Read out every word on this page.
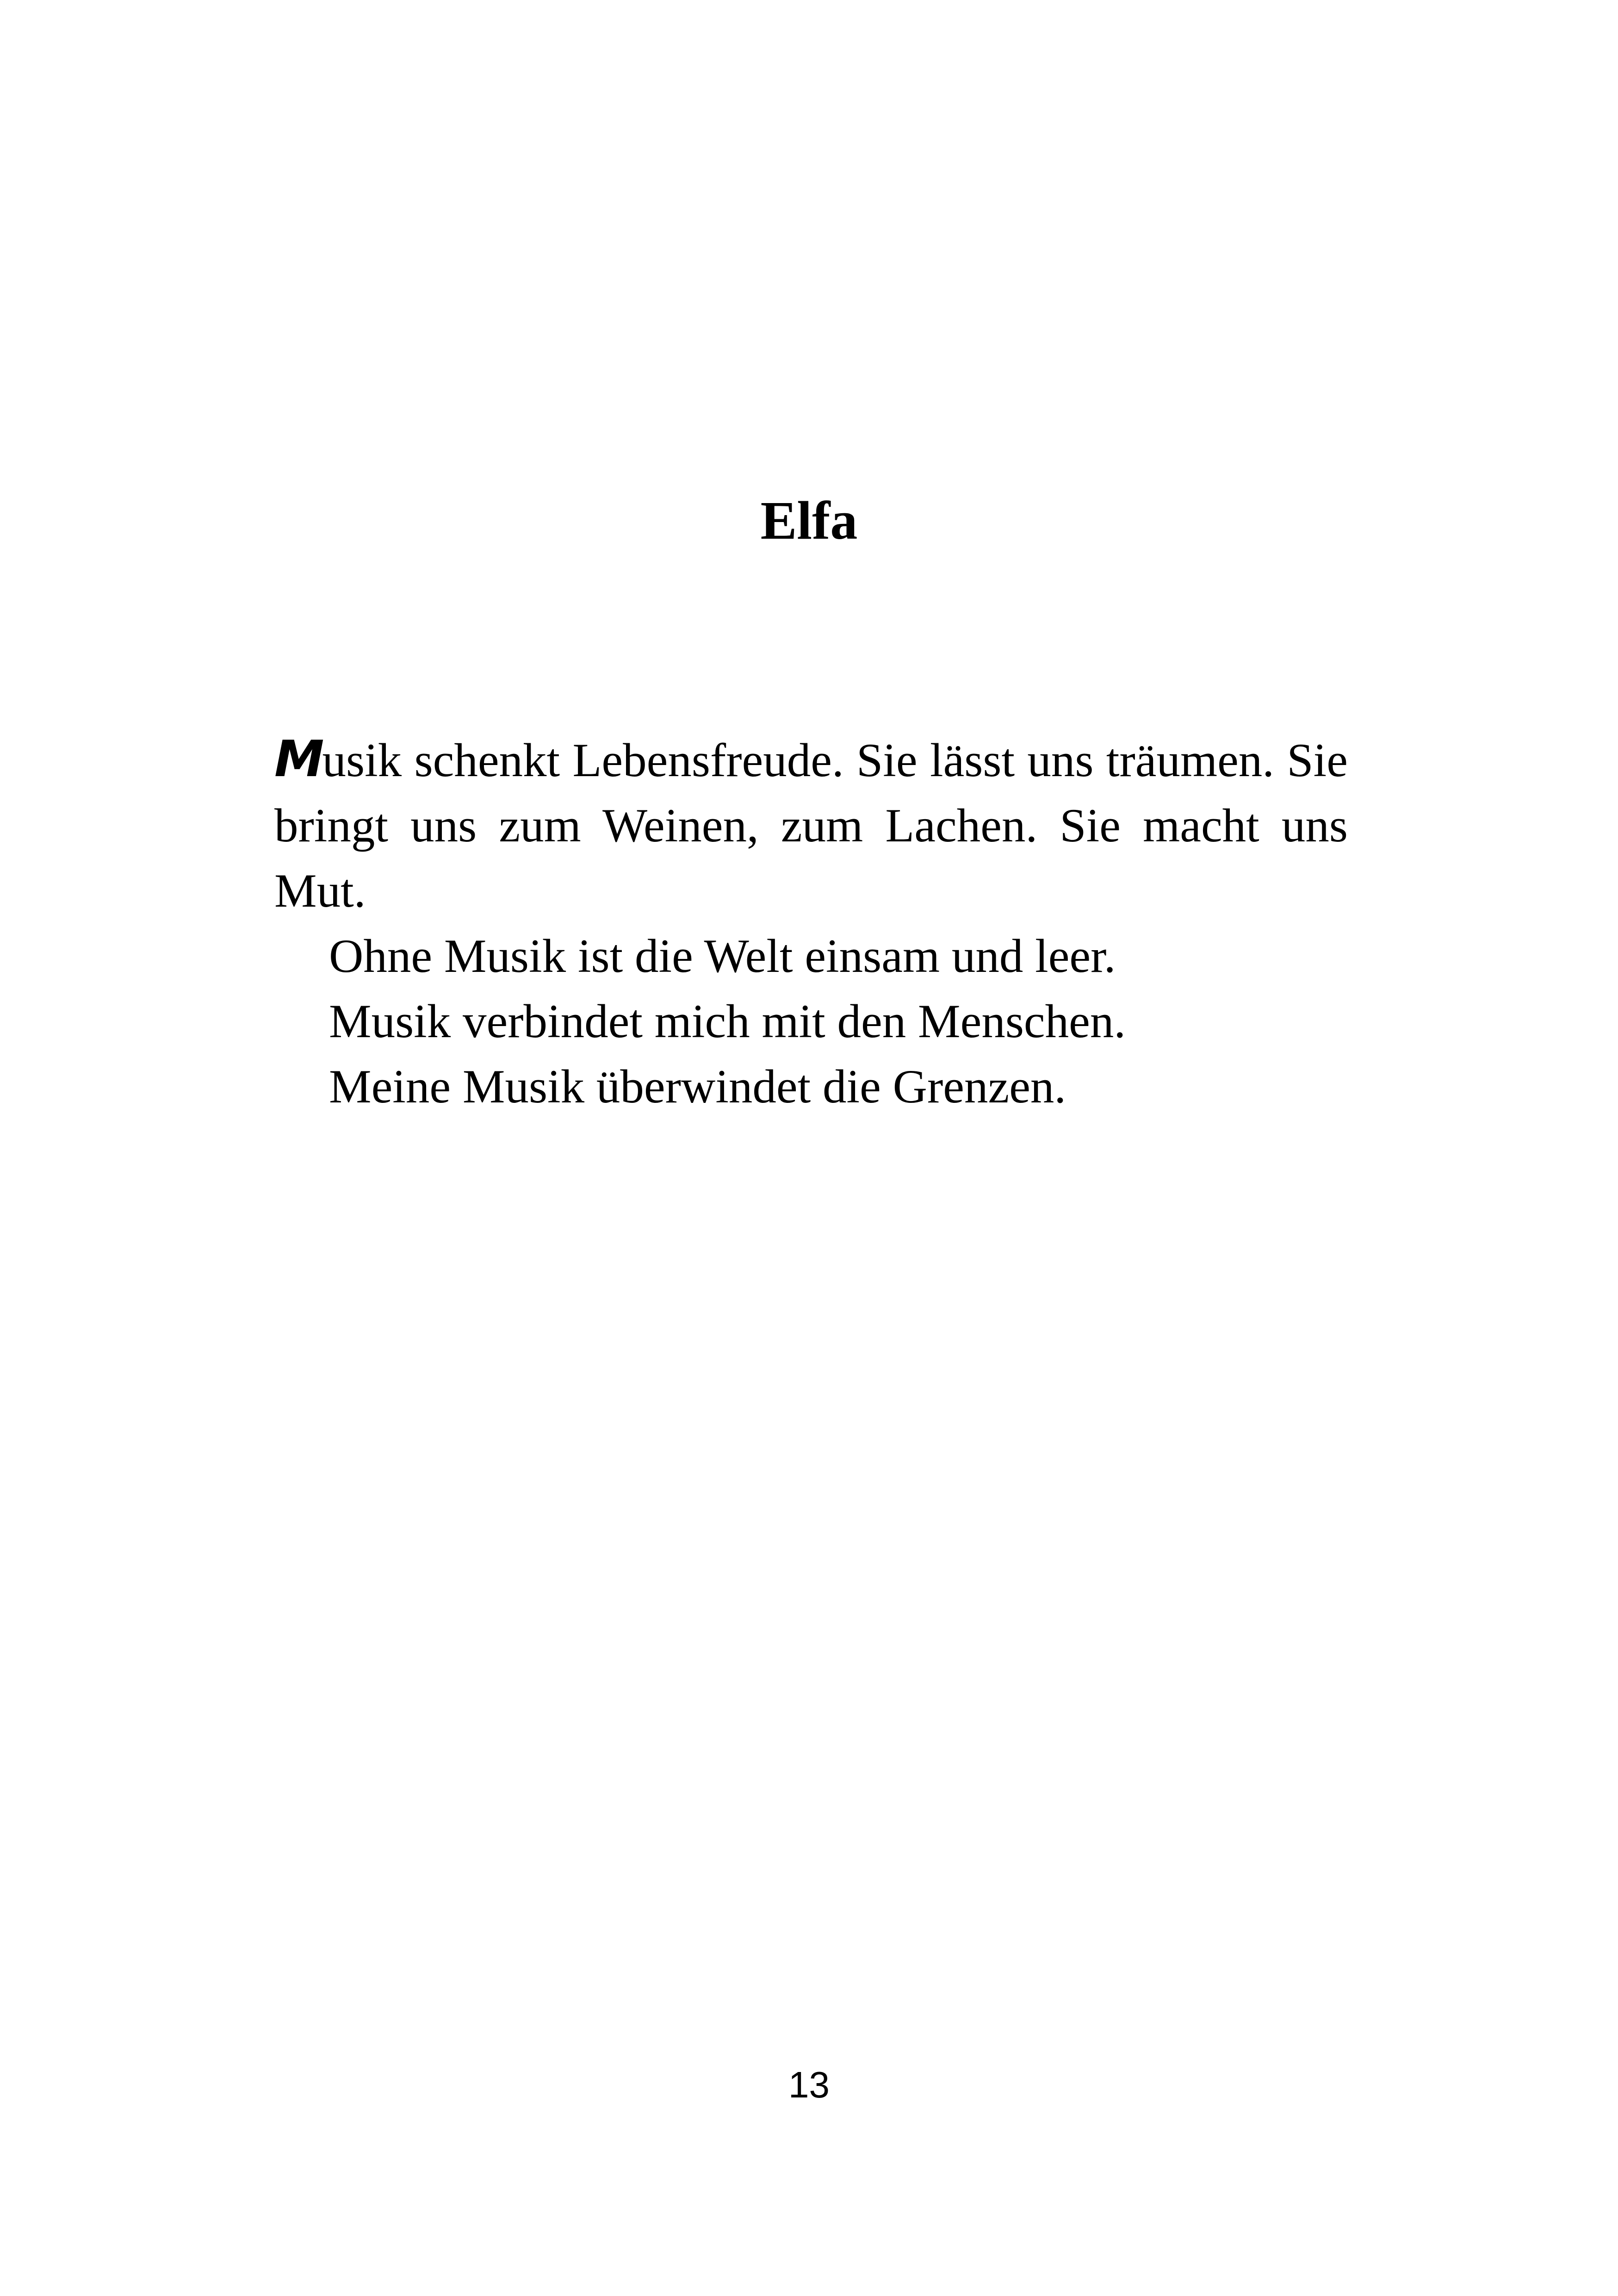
Elfa

Musik schenkt Lebensfreude. Sie lässt uns träumen. Sie bringt uns zum Weinen, zum Lachen. Sie macht uns Mut.

Ohne Musik ist die Welt einsam und leer.

Musik verbindet mich mit den Menschen.

Meine Musik überwindet die Grenzen.

13
